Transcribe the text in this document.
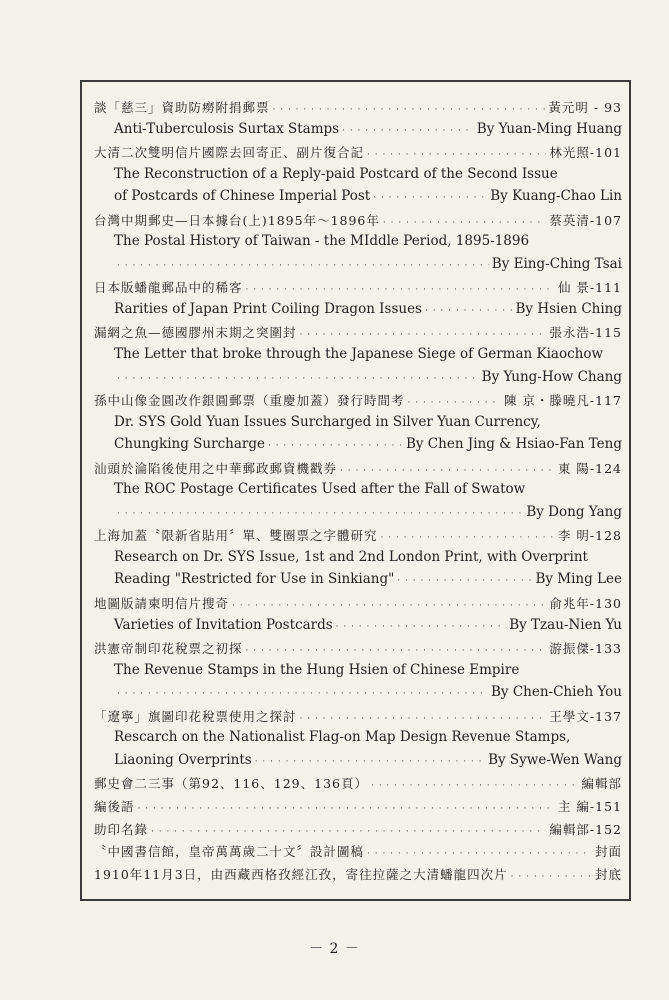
談「慈三」資助防癆附捐郵票 · · ·	黃元明 - 93
Anti-Tuberculosis Surtax Stamps · · ·	By Yuan-Ming Huang
大清二次雙明信片國際去回寄正、副片復合記 · · ·	林光照-101
The Reconstruction of a Reply-paid Postcard of the Second Issue
of Postcards of Chinese Imperial Post · · ·	By Kuang-Chao Lin
台灣中期郵史—日本據台(上)1895年～1896年 · · ·	蔡英清-107
The Postal History of Taiwan - the MIddle Period, 1895-1896
· · ·
By Eing-Ching Tsai
日本版蟠龍郵品中的稀客 · · ·	仙 景-111
Rarities of Japan Print Coiling Dragon Issues · · ·	By Hsien Ching
漏網之魚—德國膠州末期之突圍封 · · ·	張永浩-115
The Letter that broke through the Japanese Siege of German Kiaochow
· · ·
By Yung-How Chang
孫中山像金圓改作銀圓郵票（重慶加蓋）發行時間考 · · ·	陳 京・滕曉凡-117
Dr. SYS Gold Yuan Issues Surcharged in Silver Yuan Currency,
Chungking Surcharge · · ·	By Chen Jing & Hsiao-Fan Teng
汕頭於淪陷後使用之中華郵政郵資機戳券 · · ·	東 陽-124
The ROC Postage Certificates Used after the Fall of Swatow
· · ·
By Dong Yang
上海加蓋〝限新省貼用〞單、雙圈票之字體研究 · · ·	李 明-128
Research on Dr. SYS Issue, 1st and 2nd London Print, with Overprint
Reading "Restricted for Use in Sinkiang" · · ·	By Ming Lee
地圖版請柬明信片搜奇 · · ·	俞兆年-130
Varieties of Invitation Postcards · · ·	By Tzau-Nien Yu
洪憲帝制印花稅票之初探 · · ·	游振傑-133
The Revenue Stamps in the Hung Hsien of Chinese Empire
· · ·
By Chen-Chieh You
「遼寧」旗圖印花稅票使用之探討 · · ·	王學文-137
Rescarch on the Nationalist Flag-on Map Design Revenue Stamps,
Liaoning Overprints · · ·	By Sywe-Wen Wang
郵史會二三事（第92、116、129、136頁） · · ·	編輯部
編後語 · · ·	主 編-151
助印名錄 · · ·	編輯部-152
〝中國書信館，皇帝萬萬歲二十文〞設計圖稿 · · ·	封面
1910年11月3日，由西藏西格孜經江孜，寄往拉薩之大清蟠龍四次片 · · ·	封底
－ 2 －
